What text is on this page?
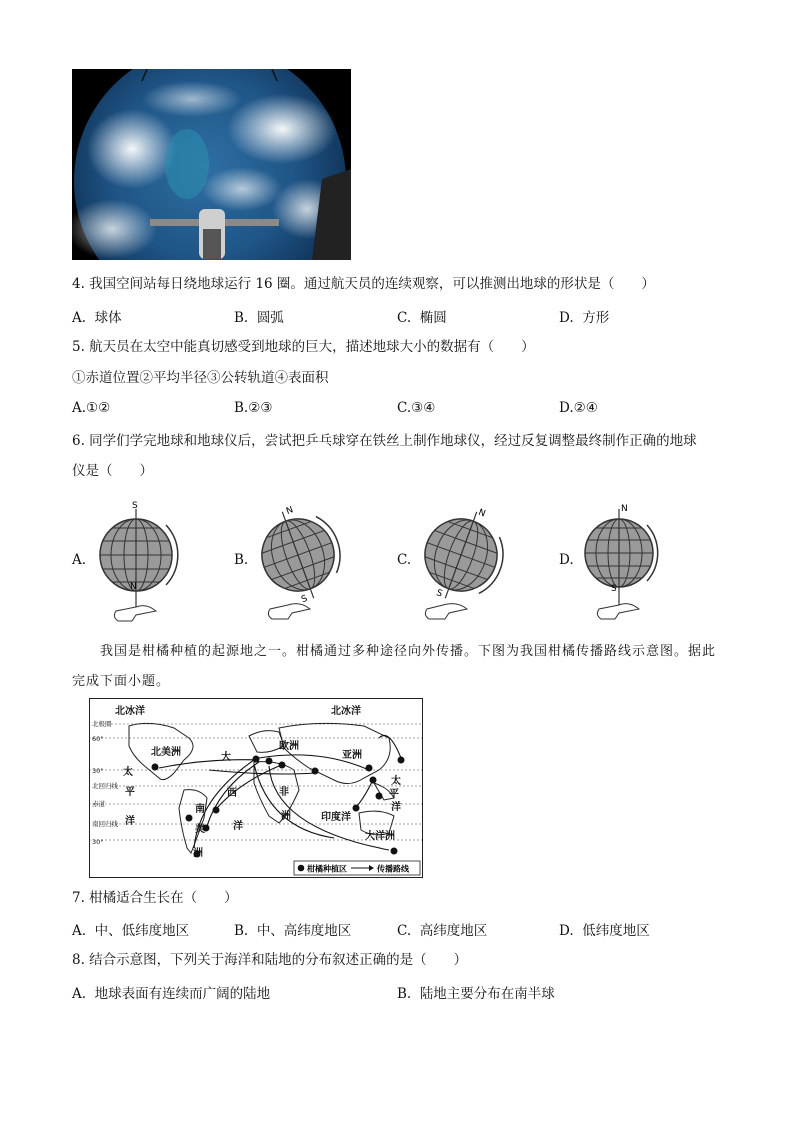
4. 我国空间站每日绕地球运行 16 圈。通过航天员的连续观察，可以推测出地球的形状是（　　）
A. 球体	B. 圆弧	C. 椭圆	D. 方形
5. 航天员在太空中能真切感受到地球的巨大，描述地球大小的数据有（　　）
①赤道位置②平均半径③公转轨道④表面积
A.①②	B.②③	C.③④	D.②④
6. 同学们学完地球和地球仪后，尝试把乒乓球穿在铁丝上制作地球仪，经过反复调整最终制作正确的地球
仪是（　　）
A.
S
N
B.
N
S
C.
N
S
D.
N
S
我国是柑橘种植的起源地之一。柑橘通过多种途径向外传播。下图为我国柑橘传播路线示意图。据此
完成下面小题。
北极圈
60°
30°
北回归线
赤道
南回归线
30°
北冰洋	北冰洋
太
平
洋
大
西
洋
印度洋
太
平
洋
北美洲
欧洲
亚洲
非
洲
南
美
洲
大洋洲
柑橘种植区	传播路线
7. 柑橘适合生长在（　　）
A. 中、低纬度地区	B. 中、高纬度地区	C. 高纬度地区	D. 低纬度地区
8. 结合示意图，下列关于海洋和陆地的分布叙述正确的是（　　）
A. 地球表面有连续而广阔的陆地	B. 陆地主要分布在南半球
